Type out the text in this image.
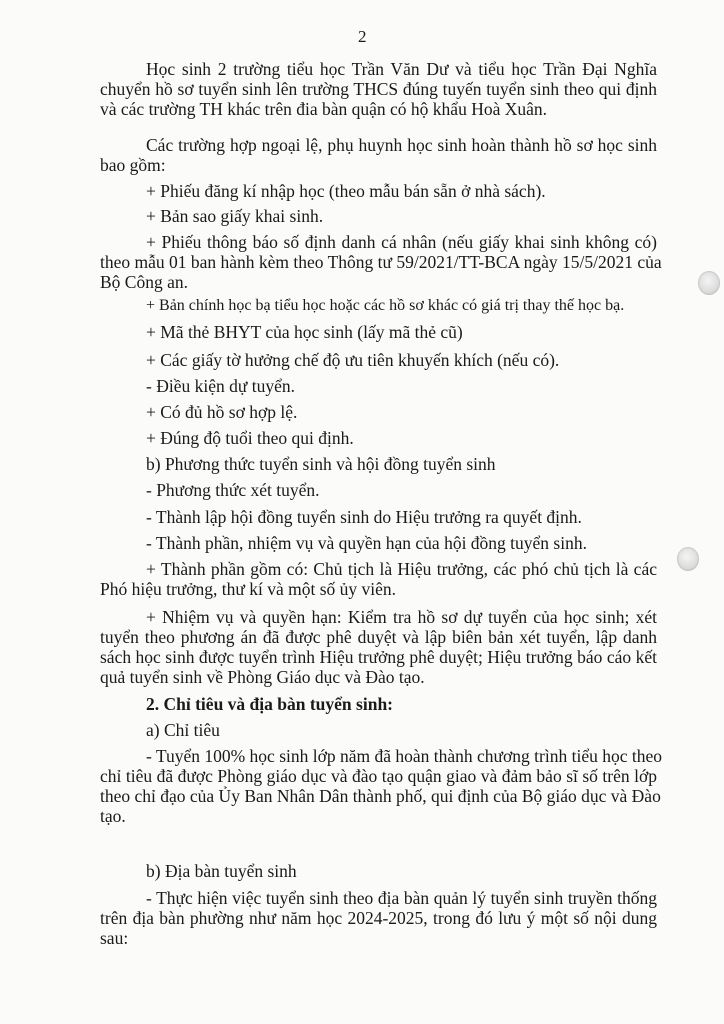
2
Học sinh 2 trường tiểu học Trần Văn Dư và tiểu học Trần Đại Nghĩa
chuyển hồ sơ tuyển sinh lên trường THCS đúng tuyến tuyển sinh theo qui định
và các trường TH khác trên đia bàn quận có hộ khẩu Hoà Xuân.
Các trường hợp ngoại lệ, phụ huynh học sinh hoàn thành hồ sơ học sinh
bao gồm:
+ Phiếu đăng kí nhập học (theo mẫu bán sẵn ở nhà sách).
+ Bản sao giấy khai sinh.
+ Phiếu thông báo số định danh cá nhân (nếu giấy khai sinh không có)
theo mẫu 01 ban hành kèm theo Thông tư 59/2021/TT-BCA ngày 15/5/2021 của
Bộ Công an.
+ Bản chính học bạ tiểu học hoặc các hồ sơ khác có giá trị thay thế học bạ.
+ Mã thẻ BHYT của học sinh (lấy mã thẻ cũ)
+ Các giấy tờ hưởng chế độ ưu tiên khuyến khích (nếu có).
- Điều kiện dự tuyển.
+ Có đủ hồ sơ hợp lệ.
+ Đúng độ tuổi theo qui định.
b) Phương thức tuyển sinh và hội đồng tuyển sinh
- Phương thức xét tuyển.
- Thành lập hội đồng tuyển sinh do Hiệu trưởng ra quyết định.
- Thành phần, nhiệm vụ và quyền hạn của hội đồng tuyển sinh.
+ Thành phần gồm có: Chủ tịch là Hiệu trưởng, các phó chủ tịch là các
Phó hiệu trưởng, thư kí và một số ủy viên.
+ Nhiệm vụ và quyền hạn: Kiểm tra hồ sơ dự tuyển của học sinh; xét
tuyển theo phương án đã được phê duyệt và lập biên bản xét tuyển, lập danh
sách học sinh được tuyển trình Hiệu trưởng phê duyệt; Hiệu trưởng báo cáo kết
quả tuyển sinh về Phòng Giáo dục và Đào tạo.
2. Chỉ tiêu và địa bàn tuyển sinh:
a) Chỉ tiêu
- Tuyển 100% học sinh lớp năm đã hoàn thành chương trình tiểu học theo
chỉ tiêu đã được Phòng giáo dục và đào tạo quận giao và đảm bảo sĩ số trên lớp
theo chỉ đạo của Ủy Ban Nhân Dân thành phố, qui định của Bộ giáo dục và Đào
tạo.
b) Địa bàn tuyển sinh
- Thực hiện việc tuyển sinh theo địa bàn quản lý tuyển sinh truyền thống
trên địa bàn phường như năm học 2024-2025, trong đó lưu ý một số nội dung
sau:
